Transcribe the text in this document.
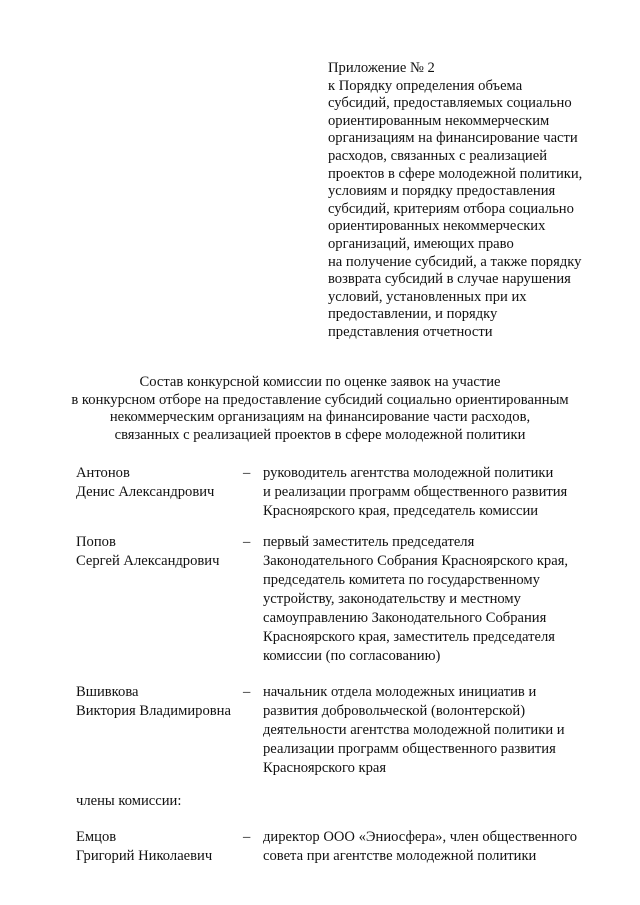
Приложение № 2
к Порядку определения объема
субсидий, предоставляемых социально
ориентированным некоммерческим
организациям на финансирование части
расходов, связанных с реализацией
проектов в сфере молодежной политики,
условиям и порядку предоставления
субсидий, критериям отбора социально
ориентированных некоммерческих
организаций, имеющих право
на получение субсидий, а также порядку
возврата субсидий в случае нарушения
условий, установленных при их
предоставлении, и порядку
представления отчетности
Состав конкурсной комиссии по оценке заявок на участие
в конкурсном отборе на предоставление субсидий социально ориентированным
некоммерческим организациям на финансирование части расходов,
связанных с реализацией проектов в сфере молодежной политики
Антонов
Денис Александрович
– руководитель агентства молодежной политики
и реализации программ общественного развития
Красноярского края, председатель комиссии
Попов
Сергей Александрович
– первый заместитель председателя
Законодательного Собрания Красноярского края,
председатель комитета по государственному
устройству, законодательству и местному
самоуправлению Законодательного Собрания
Красноярского края, заместитель председателя
комиссии (по согласованию)
Вшивкова
Виктория Владимировна
– начальник отдела молодежных инициатив и
развития добровольческой (волонтерской)
деятельности агентства молодежной политики и
реализации программ общественного развития
Красноярского края
члены комиссии:
Емцов
Григорий Николаевич
– директор ООО «Эниосфера», член общественного
совета при агентстве молодежной политики
